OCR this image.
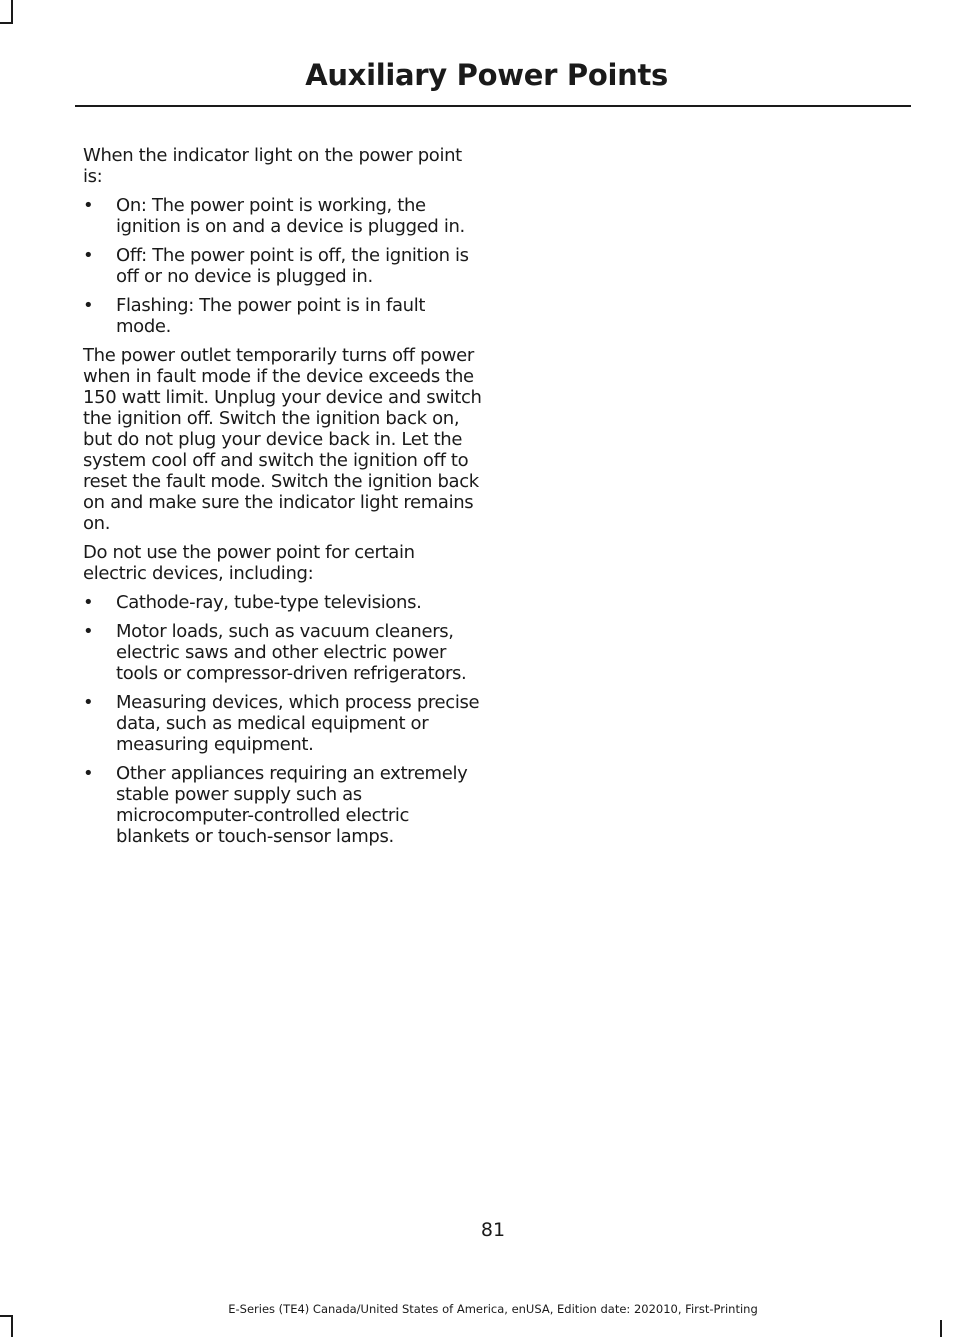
Auxiliary Power Points

When the indicator light on the power point is:

• On: The power point is working, the ignition is on and a device is plugged in.
• Off: The power point is off, the ignition is off or no device is plugged in.
• Flashing: The power point is in fault mode.

The power outlet temporarily turns off power when in fault mode if the device exceeds the 150 watt limit. Unplug your device and switch the ignition off. Switch the ignition back on, but do not plug your device back in. Let the system cool off and switch the ignition off to reset the fault mode. Switch the ignition back on and make sure the indicator light remains on.

Do not use the power point for certain electric devices, including:

• Cathode-ray, tube-type televisions.
• Motor loads, such as vacuum cleaners, electric saws and other electric power tools or compressor-driven refrigerators.
• Measuring devices, which process precise data, such as medical equipment or measuring equipment.
• Other appliances requiring an extremely stable power supply such as microcomputer-controlled electric blankets or touch-sensor lamps.
81
E-Series (TE4) Canada/United States of America, enUSA, Edition date: 202010, First-Printing
